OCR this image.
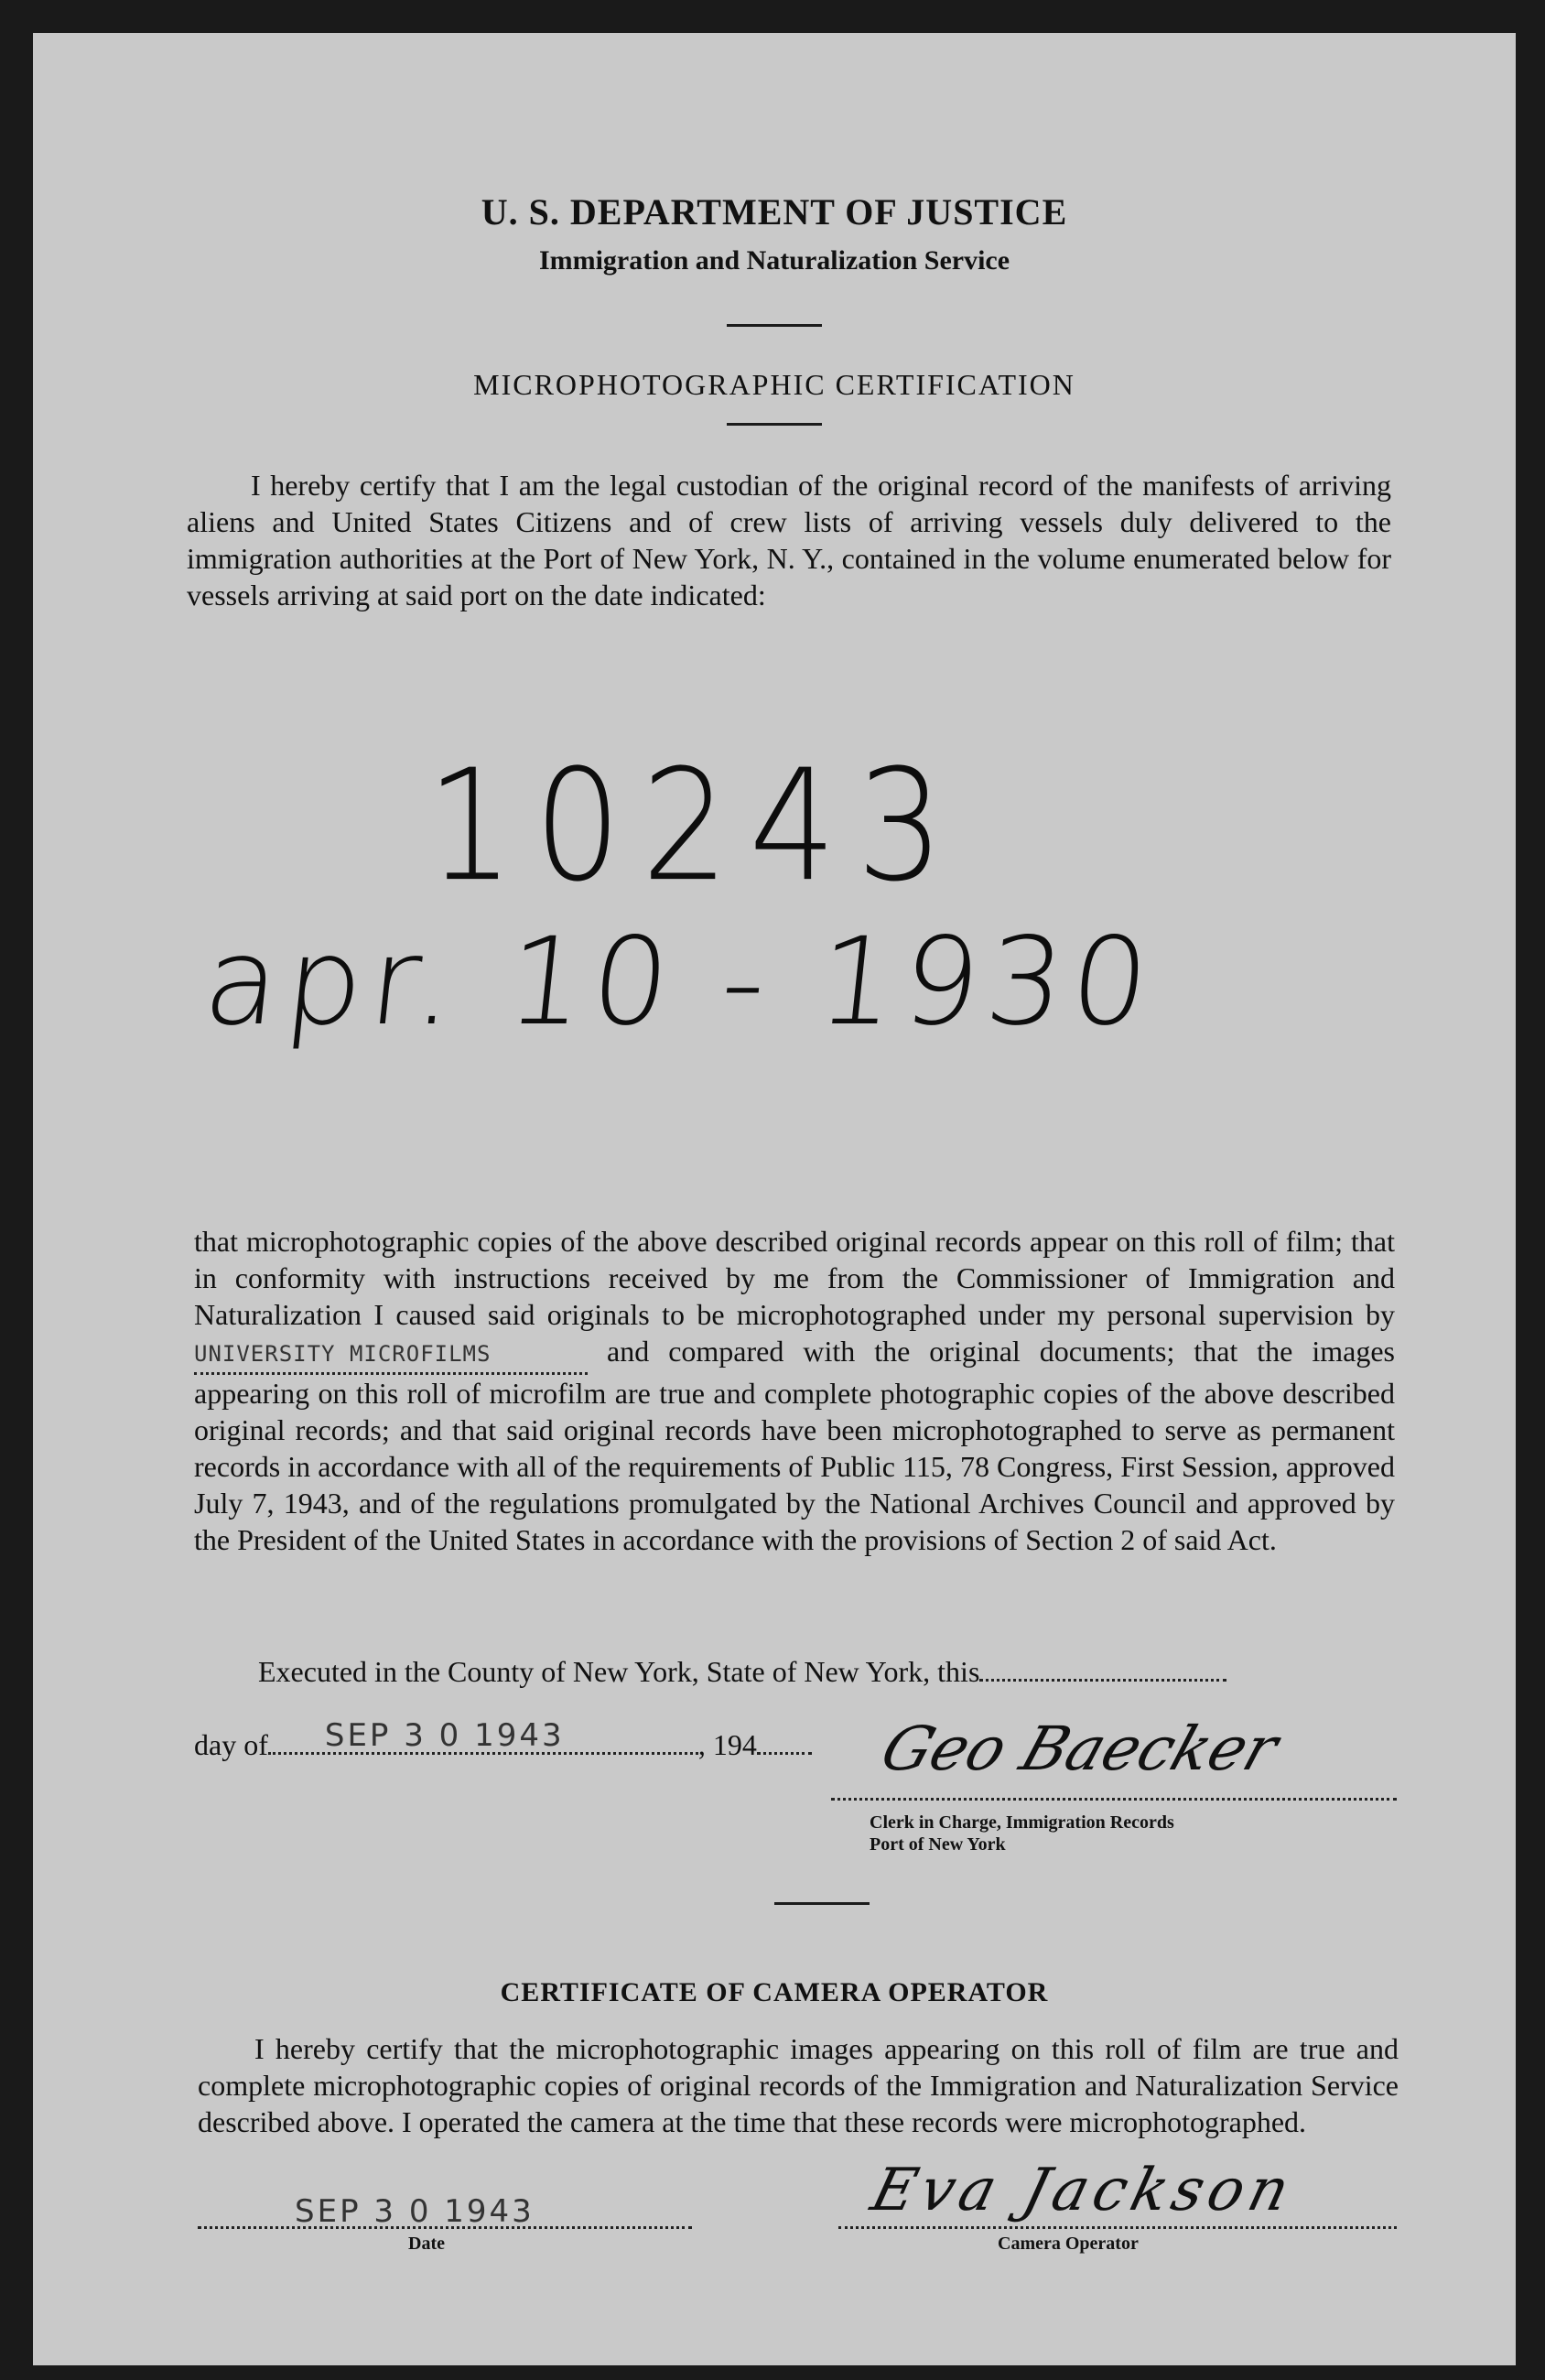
U. S. DEPARTMENT OF JUSTICE
Immigration and Naturalization Service
MICROPHOTOGRAPHIC CERTIFICATION
I hereby certify that I am the legal custodian of the original record of the manifests of arriving aliens and United States Citizens and of crew lists of arriving vessels duly delivered to the immigration authorities at the Port of New York, N. Y., contained in the volume enumerated below for vessels arriving at said port on the date indicated:
10243
apr. 10 - 1930
that microphotographic copies of the above described original records appear on this roll of film; that in conformity with instructions received by me from the Commissioner of Immigration and Naturalization I caused said originals to be microphotographed under my personal supervision by UNIVERSITY MICROFILMS	and compared with the original documents; that the images appearing on this roll of microfilm are true and complete photographic copies of the above described original records; and that said original records have been microphotographed to serve as permanent records in accordance with all of the requirements of Public 115, 78 Congress, First Session, approved July 7, 1943, and of the regulations promulgated by the National Archives Council and approved by the President of the United States in accordance with the provisions of Section 2 of said Act.
Executed in the County of New York, State of New York, this
day of SEP 3 0 1943	, 194	Geo Baecker
Clerk in Charge, Immigration Records
Port of New York
CERTIFICATE OF CAMERA OPERATOR
I hereby certify that the microphotographic images appearing on this roll of film are true and complete microphotographic copies of original records of the Immigration and Naturalization Service described above. I operated the camera at the time that these records were microphotographed.
SEP 3 0 1943
Date
Eva Jackson
Camera Operator
